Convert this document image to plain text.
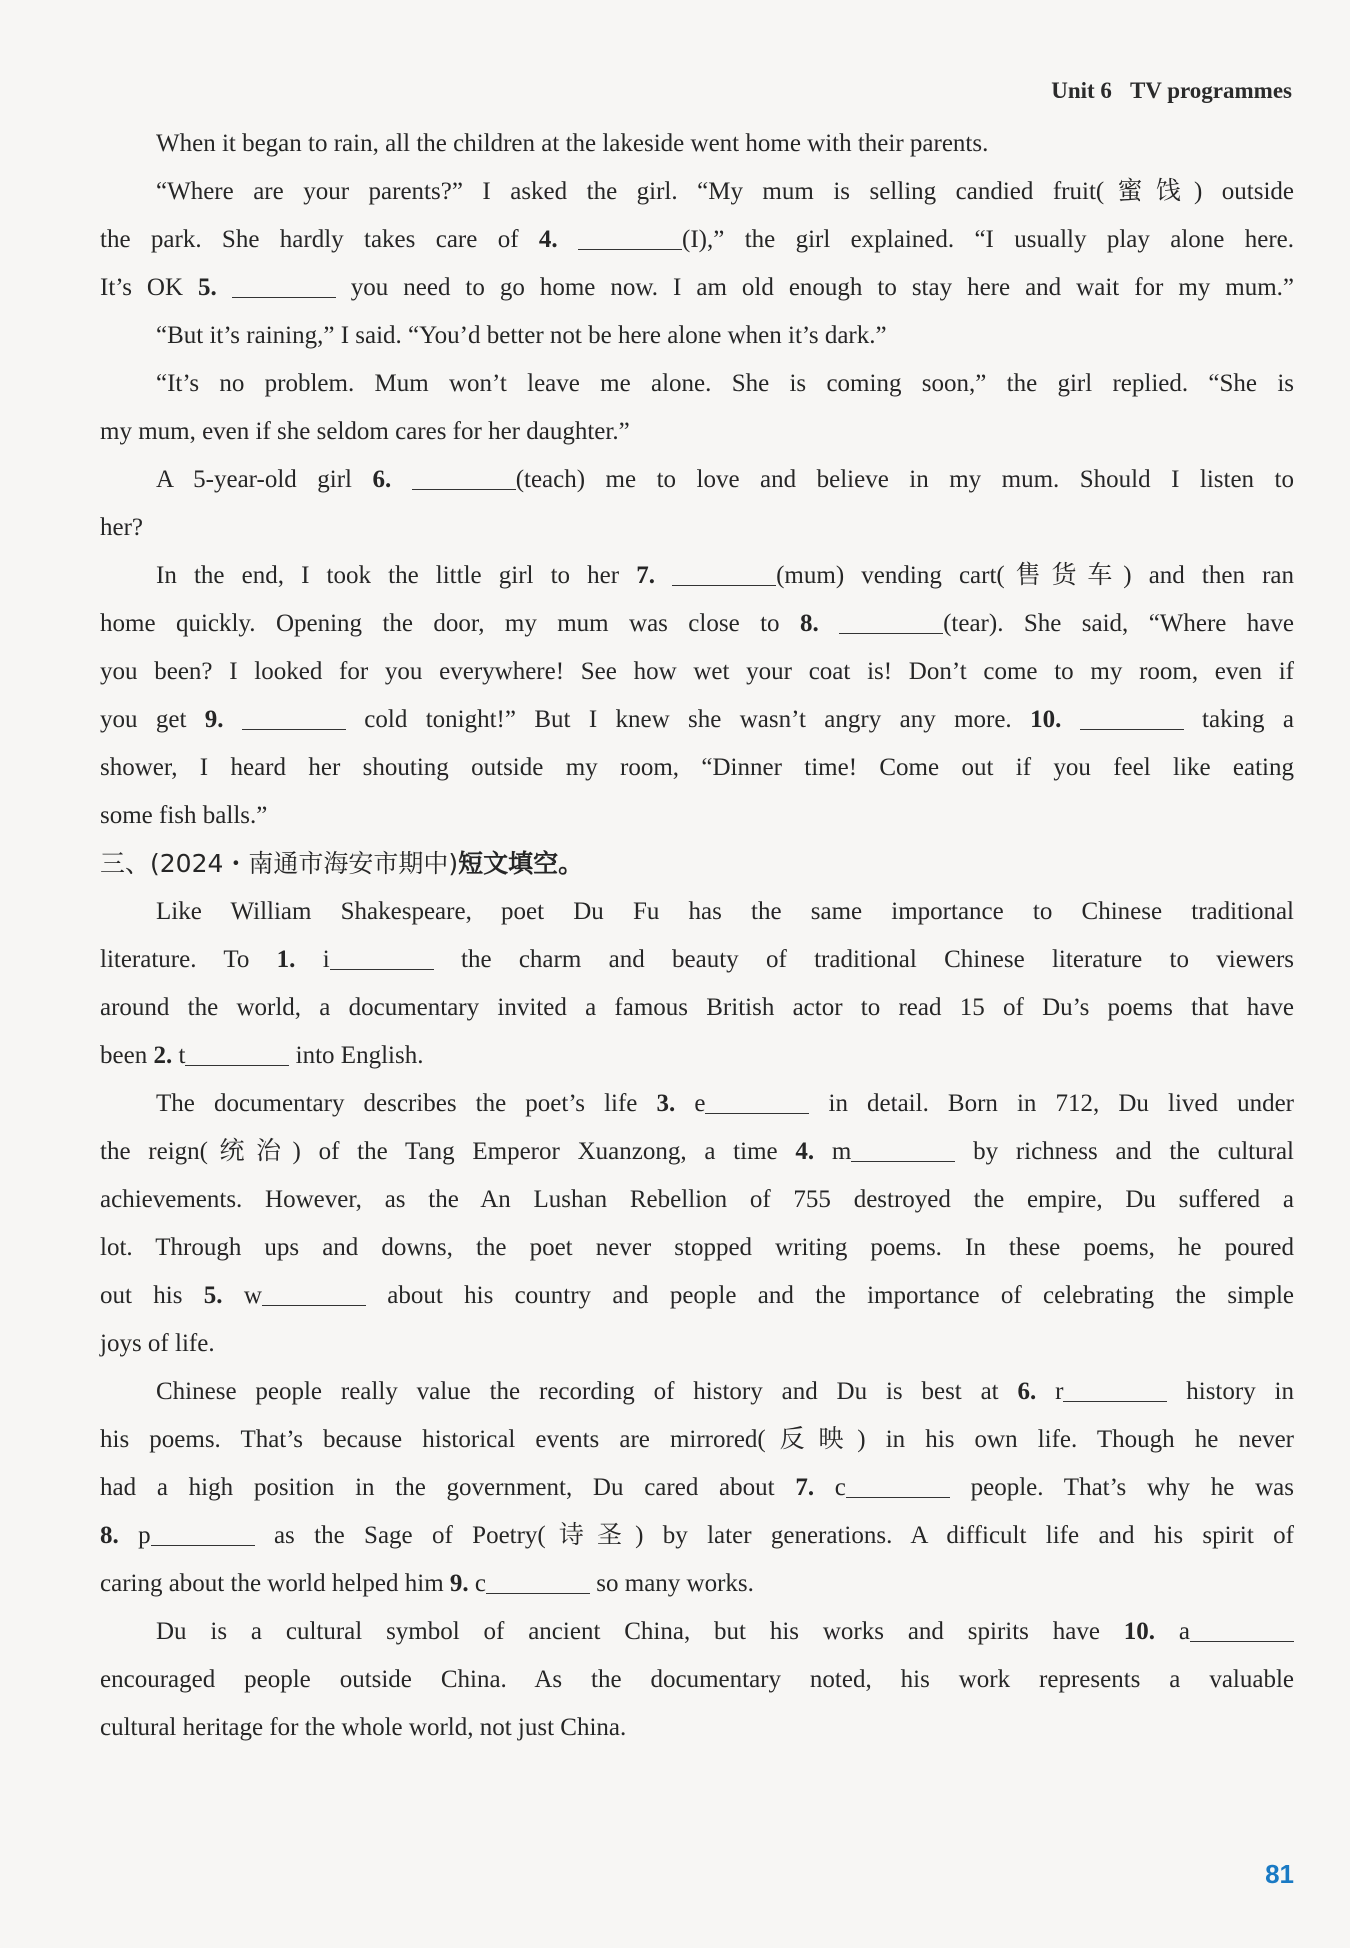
Unit 6 TV programmes
When it began to rain, all the children at the lakeside went home with their parents.
“Where are your parents?” I asked the girl. “My mum is selling candied fruit(蜜饯) outside
the park. She hardly takes care of 4.	(I),” the girl explained. “I usually play alone here.
It’s OK 5.	you need to go home now. I am old enough to stay here and wait for my mum.”
“But it’s raining,” I said. “You’d better not be here alone when it’s dark.”
“It’s no problem. Mum won’t leave me alone. She is coming soon,” the girl replied. “She is
my mum, even if she seldom cares for her daughter.”
A 5-year-old girl 6.	(teach) me to love and believe in my mum. Should I listen to
her?
In the end, I took the little girl to her 7.	(mum) vending cart(售货车) and then ran
home quickly. Opening the door, my mum was close to 8.	(tear). She said, “Where have
you been? I looked for you everywhere! See how wet your coat is! Don’t come to my room, even if
you get 9.	cold tonight!” But I knew she wasn’t angry any more. 10.	taking a
shower, I heard her shouting outside my room, “Dinner time! Come out if you feel like eating
some fish balls.”
三、(2024・南通市海安市期中)短文填空。
Like William Shakespeare, poet Du Fu has the same importance to Chinese traditional
literature. To 1. i	the charm and beauty of traditional Chinese literature to viewers
around the world, a documentary invited a famous British actor to read 15 of Du’s poems that have
been 2. t	into English.
The documentary describes the poet’s life 3. e	in detail. Born in 712, Du lived under
the reign(统治) of the Tang Emperor Xuanzong, a time 4. m	by richness and the cultural
achievements. However, as the An Lushan Rebellion of 755 destroyed the empire, Du suffered a
lot. Through ups and downs, the poet never stopped writing poems. In these poems, he poured
out his 5. w	about his country and people and the importance of celebrating the simple
joys of life.
Chinese people really value the recording of history and Du is best at 6. r	history in
his poems. That’s because historical events are mirrored(反映) in his own life. Though he never
had a high position in the government, Du cared about 7. c	people. That’s why he was
8. p	as the Sage of Poetry(诗圣) by later generations. A difficult life and his spirit of
caring about the world helped him 9. c	so many works.
Du is a cultural symbol of ancient China, but his works and spirits have 10. a
encouraged people outside China. As the documentary noted, his work represents a valuable
cultural heritage for the whole world, not just China.
81
